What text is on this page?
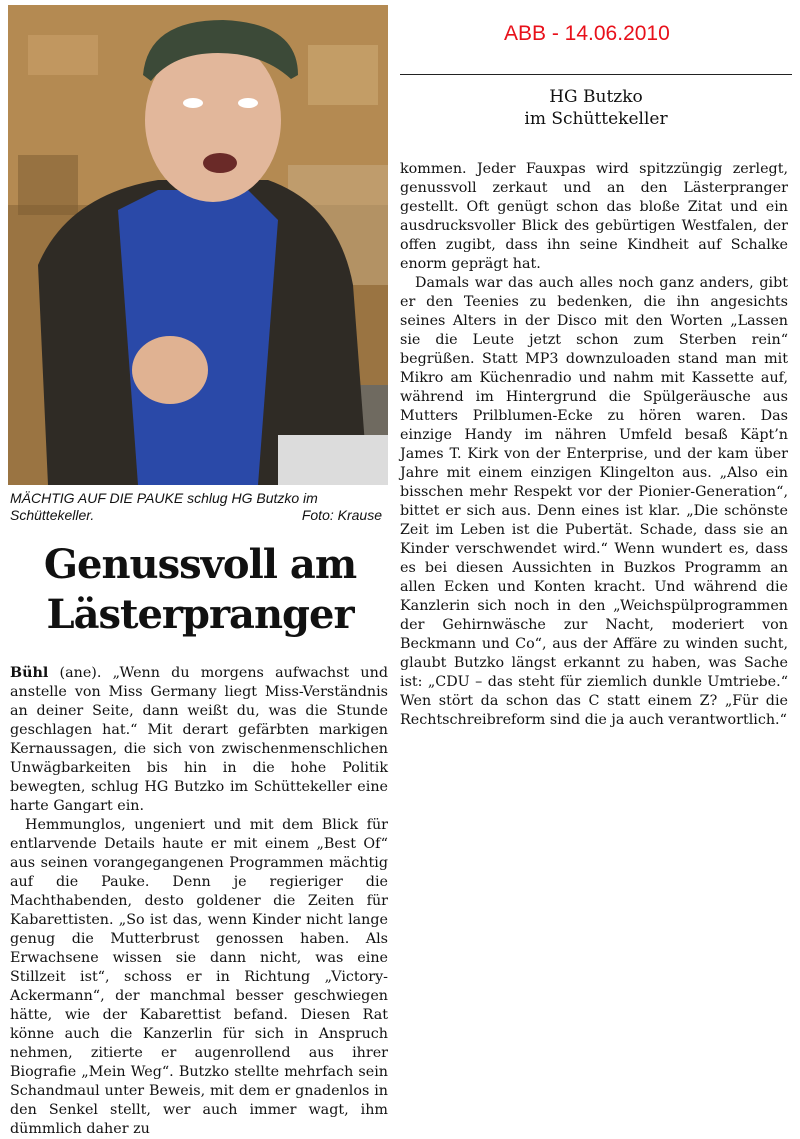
MÄCHTIG AUF DIE PAUKE schlug HG Butzko im Schüttekeller.	Foto: Krause
Genussvoll am
Lästerpranger
ABB - 14.06.2010
HG Butzko
im Schüttekeller

Bühl (ane). „Wenn du morgens aufwachst und anstelle von Miss Germany liegt Miss-Verständnis an deiner Seite, dann weißt du, was die Stunde geschlagen hat.“ Mit derart gefärbten markigen Kernaussagen, die sich von zwischenmenschlichen Unwägbarkeiten bis hin in die hohe Politik bewegten, schlug HG Butzko im Schüttekeller eine harte Gangart ein.

Hemmunglos, ungeniert und mit dem Blick für entlarvende Details haute er mit einem „Best Of“ aus seinen vorangegangenen Programmen mächtig auf die Pauke. Denn je regieriger die Machthabenden, desto goldener die Zeiten für Kabarettisten. „So ist das, wenn Kinder nicht lange genug die Mutterbrust genossen haben. Als Erwachsene wissen sie dann nicht, was eine Stillzeit ist“, schoss er in Richtung „Victory-Ackermann“, der manchmal besser geschwiegen hätte, wie der Kabarettist befand. Diesen Rat könne auch die Kanzerlin für sich in Anspruch nehmen, zitierte er augenrollend aus ihrer Biografie „Mein Weg“. Butzko stellte mehrfach sein Schandmaul unter Beweis, mit dem er gnadenlos in den Senkel stellt, wer auch immer wagt, ihm dümmlich daher zu

kommen. Jeder Fauxpas wird spitzzüngig zerlegt, genussvoll zerkaut und an den Lästerpranger gestellt. Oft genügt schon das bloße Zitat und ein ausdrucksvoller Blick des gebürtigen Westfalen, der offen zugibt, dass ihn seine Kindheit auf Schalke enorm geprägt hat.

Damals war das auch alles noch ganz anders, gibt er den Teenies zu bedenken, die ihn angesichts seines Alters in der Disco mit den Worten „Lassen sie die Leute jetzt schon zum Sterben rein“ begrüßen. Statt MP3 downzuloaden stand man mit Mikro am Küchenradio und nahm mit Kassette auf, während im Hintergrund die Spülgeräusche aus Mutters Prilblumen-Ecke zu hören waren. Das einzige Handy im nähren Umfeld besaß Käpt’n James T. Kirk von der Enterprise, und der kam über Jahre mit einem einzigen Klingelton aus. „Also ein bisschen mehr Respekt vor der Pionier-Generation“, bittet er sich aus. Denn eines ist klar. „Die schönste Zeit im Leben ist die Pubertät. Schade, dass sie an Kinder verschwendet wird.“ Wenn wundert es, dass es bei diesen Aussichten in Buzkos Programm an allen Ecken und Konten kracht. Und während die Kanzlerin sich noch in den „Weichspülprogrammen der Gehirnwäsche zur Nacht, moderiert von Beckmann und Co“, aus der Affäre zu winden sucht, glaubt Butzko längst erkannt zu haben, was Sache ist: „CDU – das steht für ziemlich dunkle Umtriebe.“ Wen stört da schon das C statt einem Z? „Für die Rechtschreibreform sind die ja auch verantwortlich.“
